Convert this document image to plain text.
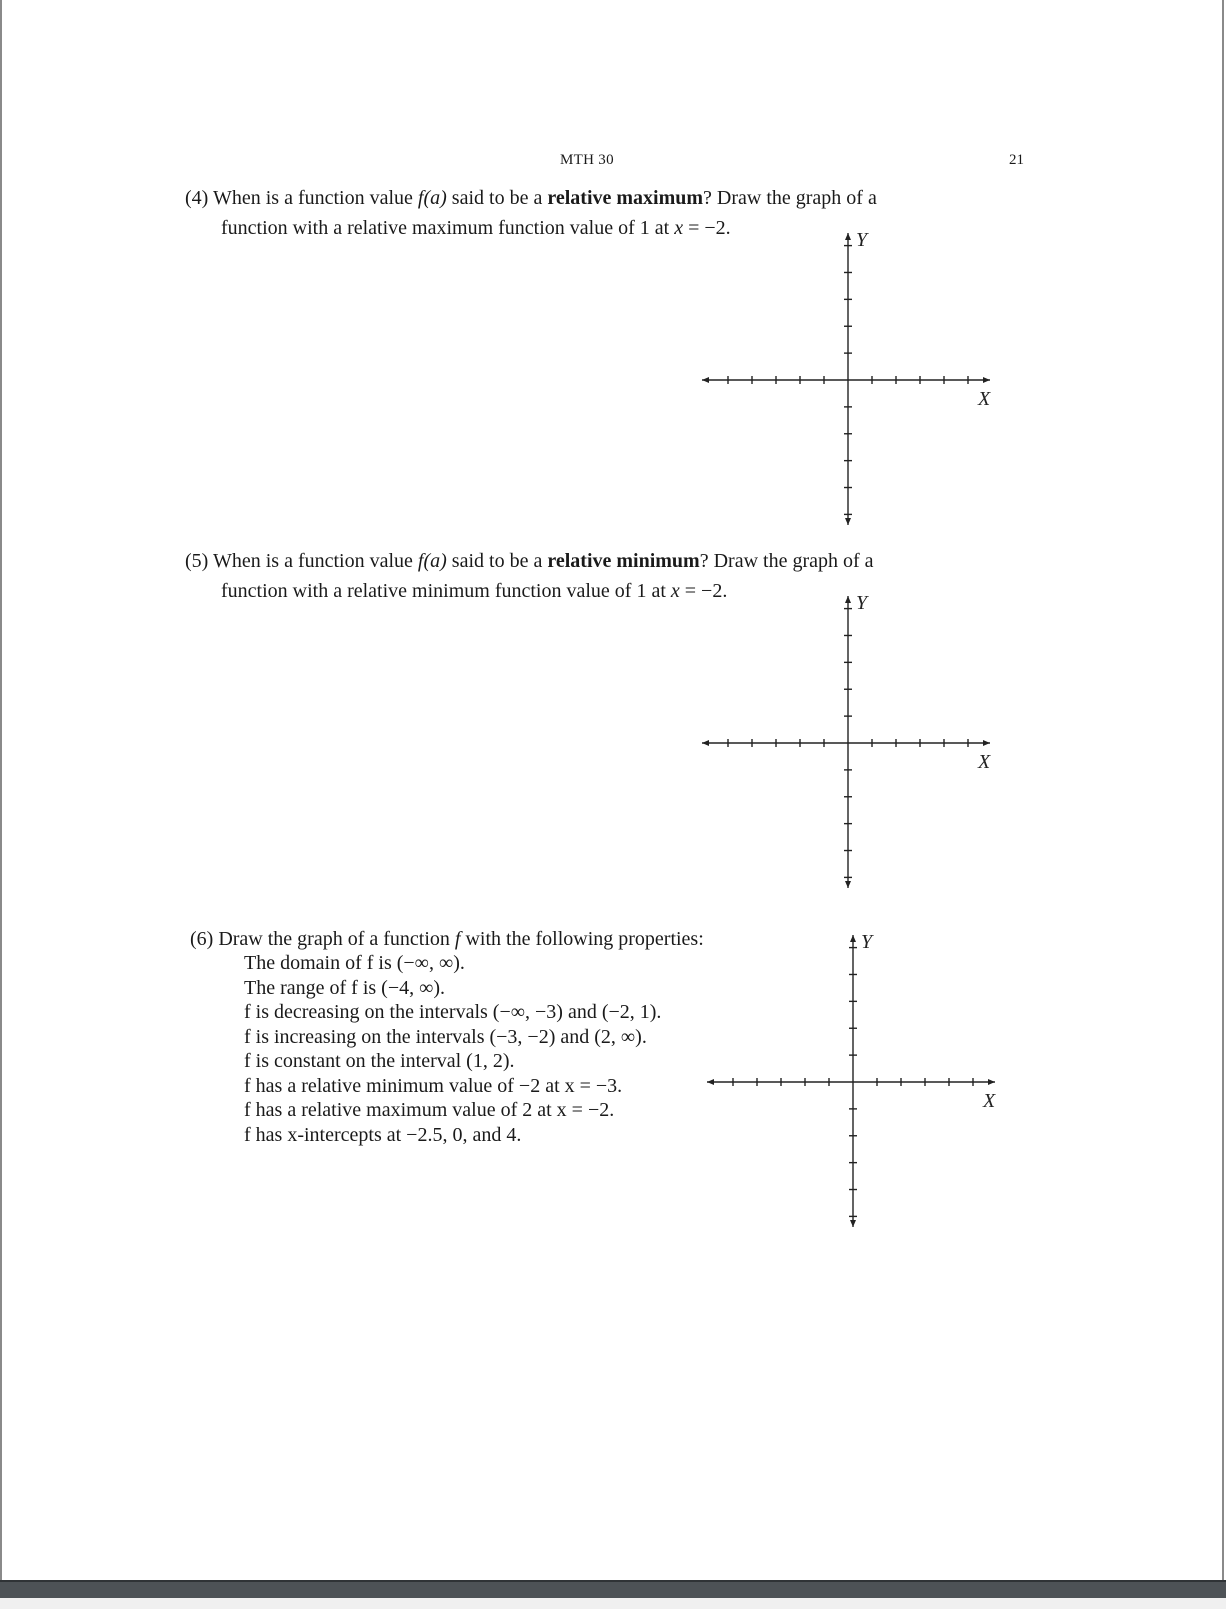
MTH 30	21
(4) When is a function value f(a) said to be a relative maximum? Draw the graph of a
function with a relative maximum function value of 1 at x = −2.
Y
X
(5) When is a function value f(a) said to be a relative minimum? Draw the graph of a
function with a relative minimum function value of 1 at x = −2.
Y
X
(6) Draw the graph of a function f with the following properties:
The domain of f is (−∞, ∞).
The range of f is (−4, ∞).
f is decreasing on the intervals (−∞, −3) and (−2, 1).
f is increasing on the intervals (−3, −2) and (2, ∞).
f is constant on the interval (1, 2).
f has a relative minimum value of −2 at x = −3.
f has a relative maximum value of 2 at x = −2.
f has x-intercepts at −2.5, 0, and 4.
Y
X
